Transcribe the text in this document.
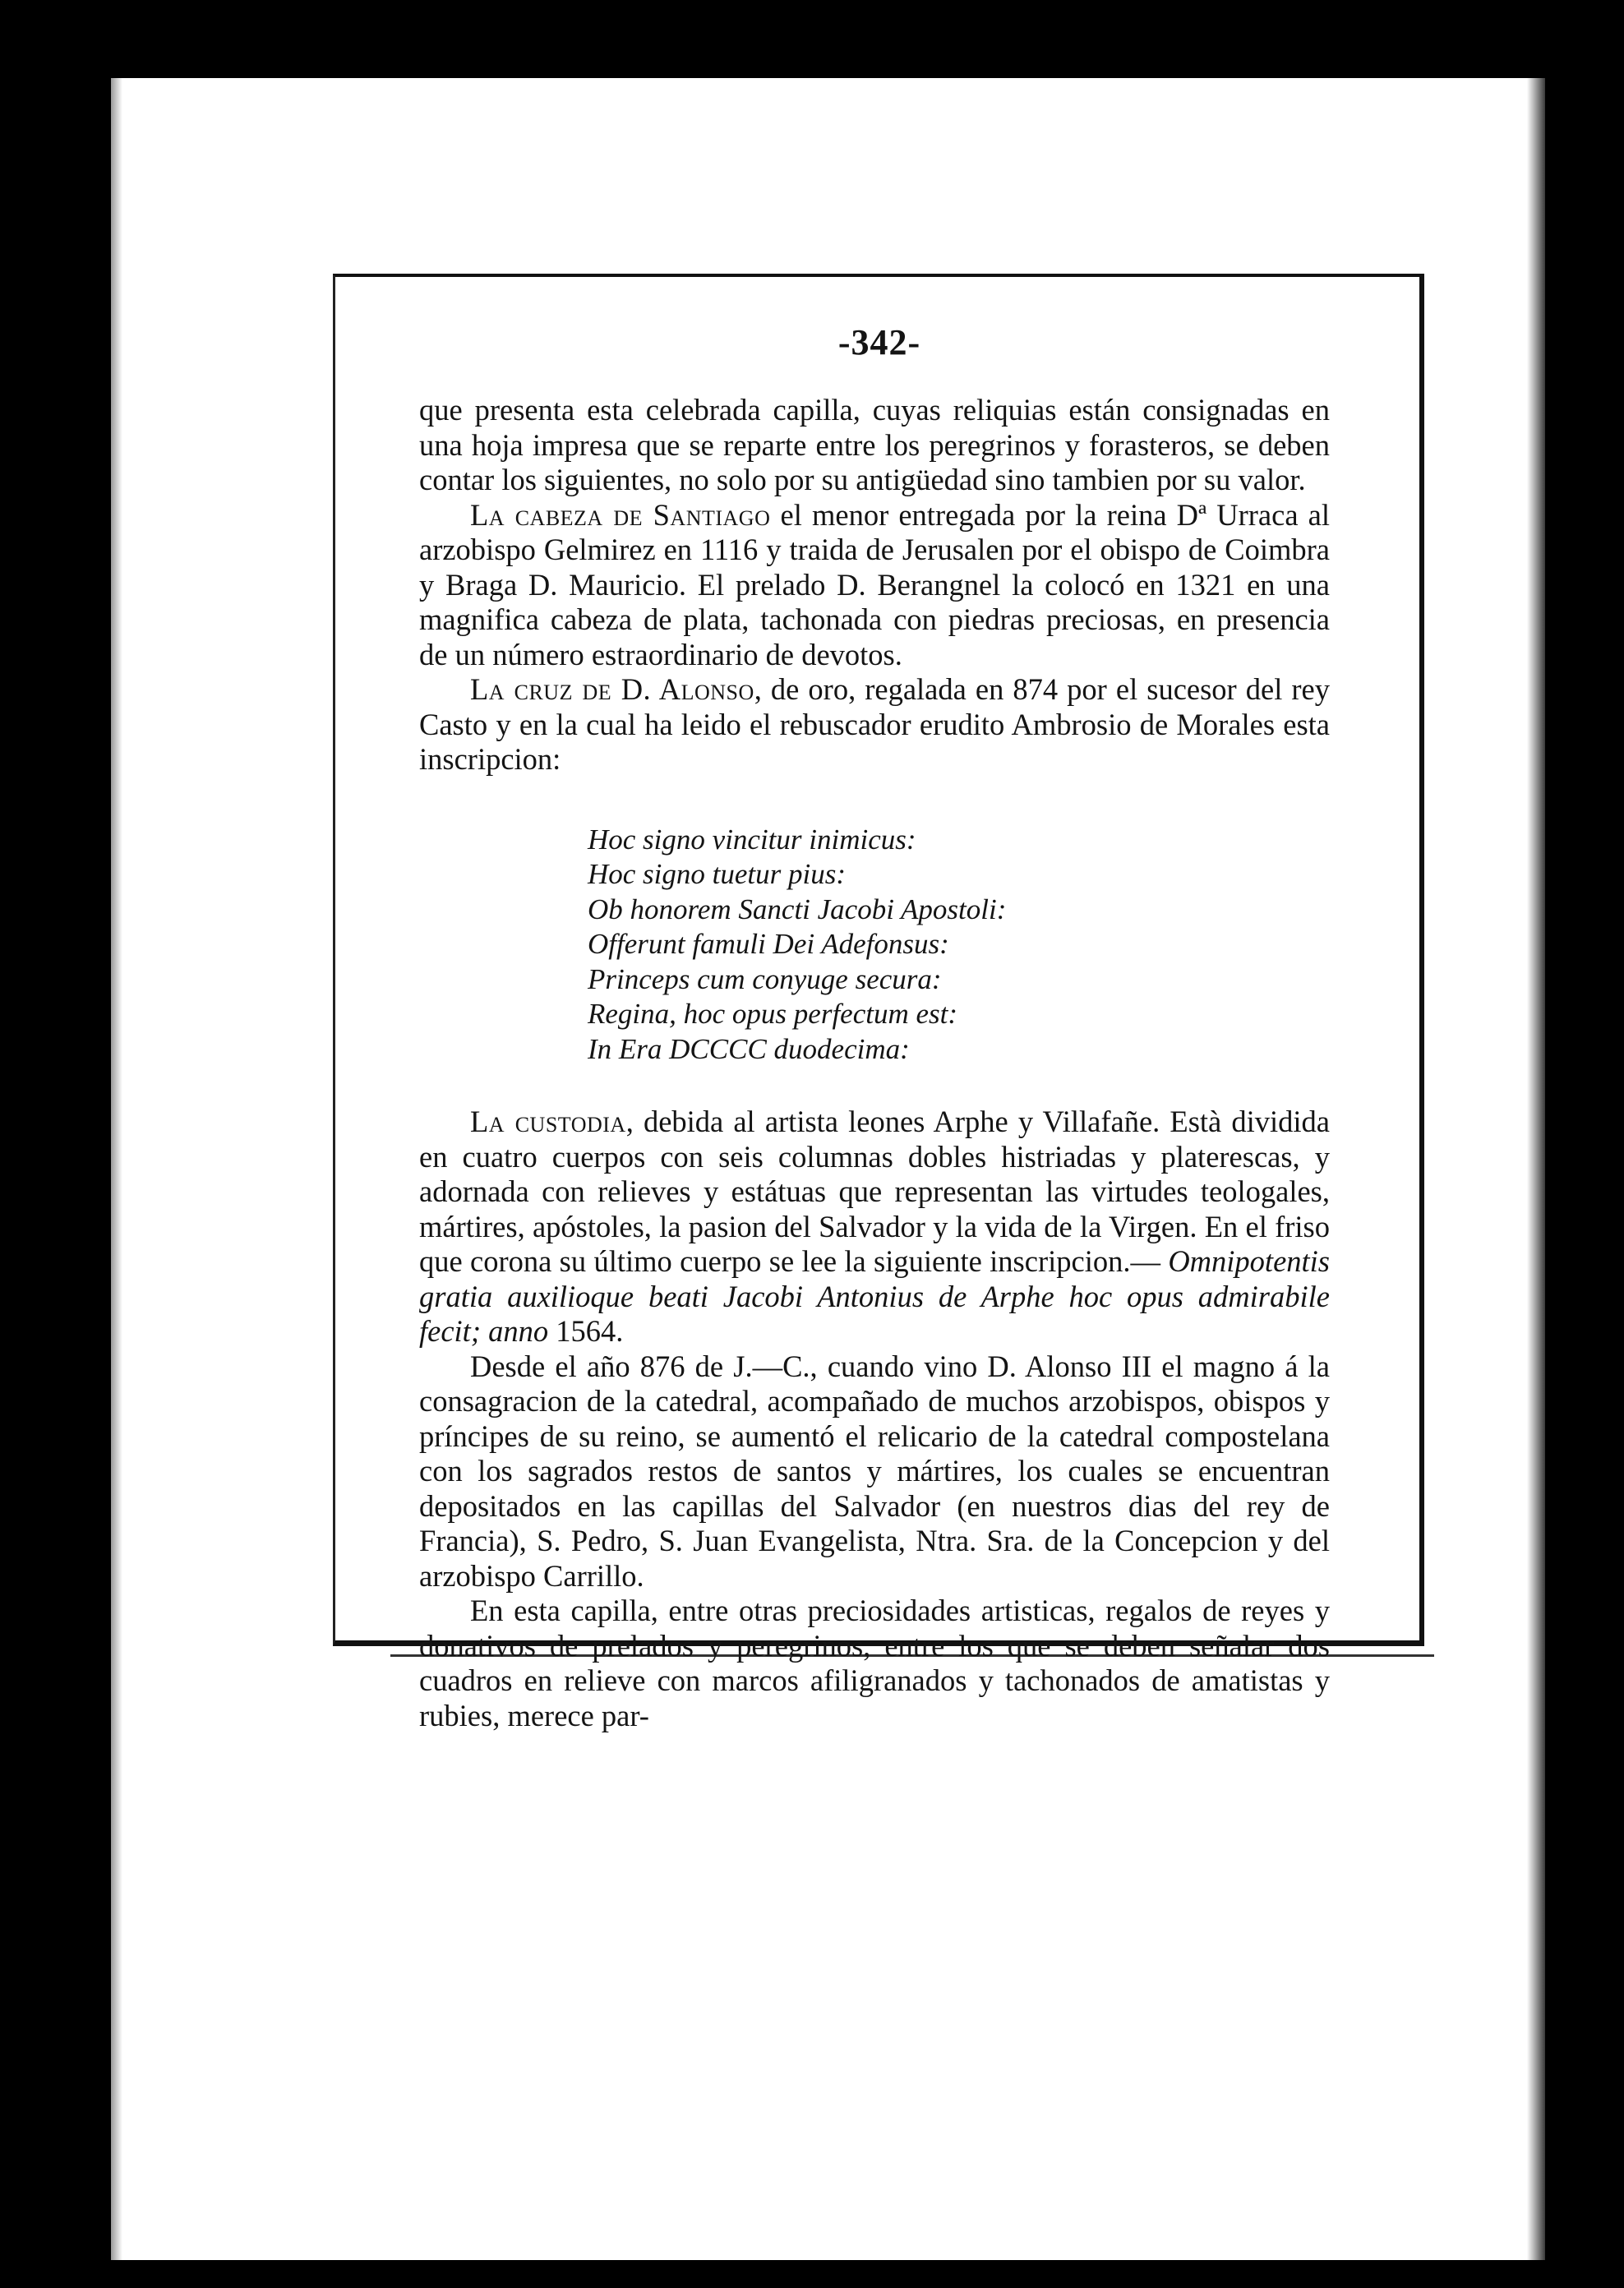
-342-

que presenta esta celebrada capilla, cuyas reliquias están consignadas en una hoja impresa que se reparte entre los peregrinos y forasteros, se deben contar los siguientes, no solo por su antigüedad sino tambien por su valor.

La cabeza de Santiago el menor entregada por la reina Dª Urraca al arzobispo Gelmirez en 1116 y traida de Jerusalen por el obispo de Coimbra y Braga D. Mauricio. El prelado D. Berangnel la colocó en 1321 en una magnifica cabeza de plata, tachonada con piedras preciosas, en presencia de un número estraordinario de devotos.

La cruz de D. Alonso, de oro, regalada en 874 por el sucesor del rey Casto y en la cual ha leido el rebuscador erudito Ambrosio de Morales esta inscripcion:

Hoc signo vincitur inimicus:
Hoc signo tuetur pius:
Ob honorem Sancti Jacobi Apostoli:
Offerunt famuli Dei Adefonsus:
Princeps cum conyuge secura:
Regina, hoc opus perfectum est:
In Era DCCCC duodecima:

La custodia, debida al artista leones Arphe y Villafañe. Està dividida en cuatro cuerpos con seis columnas dobles histriadas y platerescas, y adornada con relieves y estátuas que representan las virtudes teologales, mártires, apóstoles, la pasion del Salvador y la vida de la Virgen. En el friso que corona su último cuerpo se lee la siguiente inscripcion.— Omnipotentis gratia auxilioque beati Jacobi Antonius de Arphe hoc opus admirabile fecit; anno 1564.

Desde el año 876 de J.—C., cuando vino D. Alonso III el magno á la consagracion de la catedral, acompañado de muchos arzobispos, obispos y príncipes de su reino, se aumentó el relicario de la catedral compostelana con los sagrados restos de santos y mártires, los cuales se encuentran depositados en las capillas del Salvador (en nuestros dias del rey de Francia), S. Pedro, S. Juan Evangelista, Ntra. Sra. de la Concepcion y del arzobispo Carrillo.

En esta capilla, entre otras preciosidades artisticas, regalos de reyes y donativos de prelados y peregrinos, entre los que se deben señalar dos cuadros en relieve con marcos afiligranados y tachonados de amatistas y rubies, merece par-
